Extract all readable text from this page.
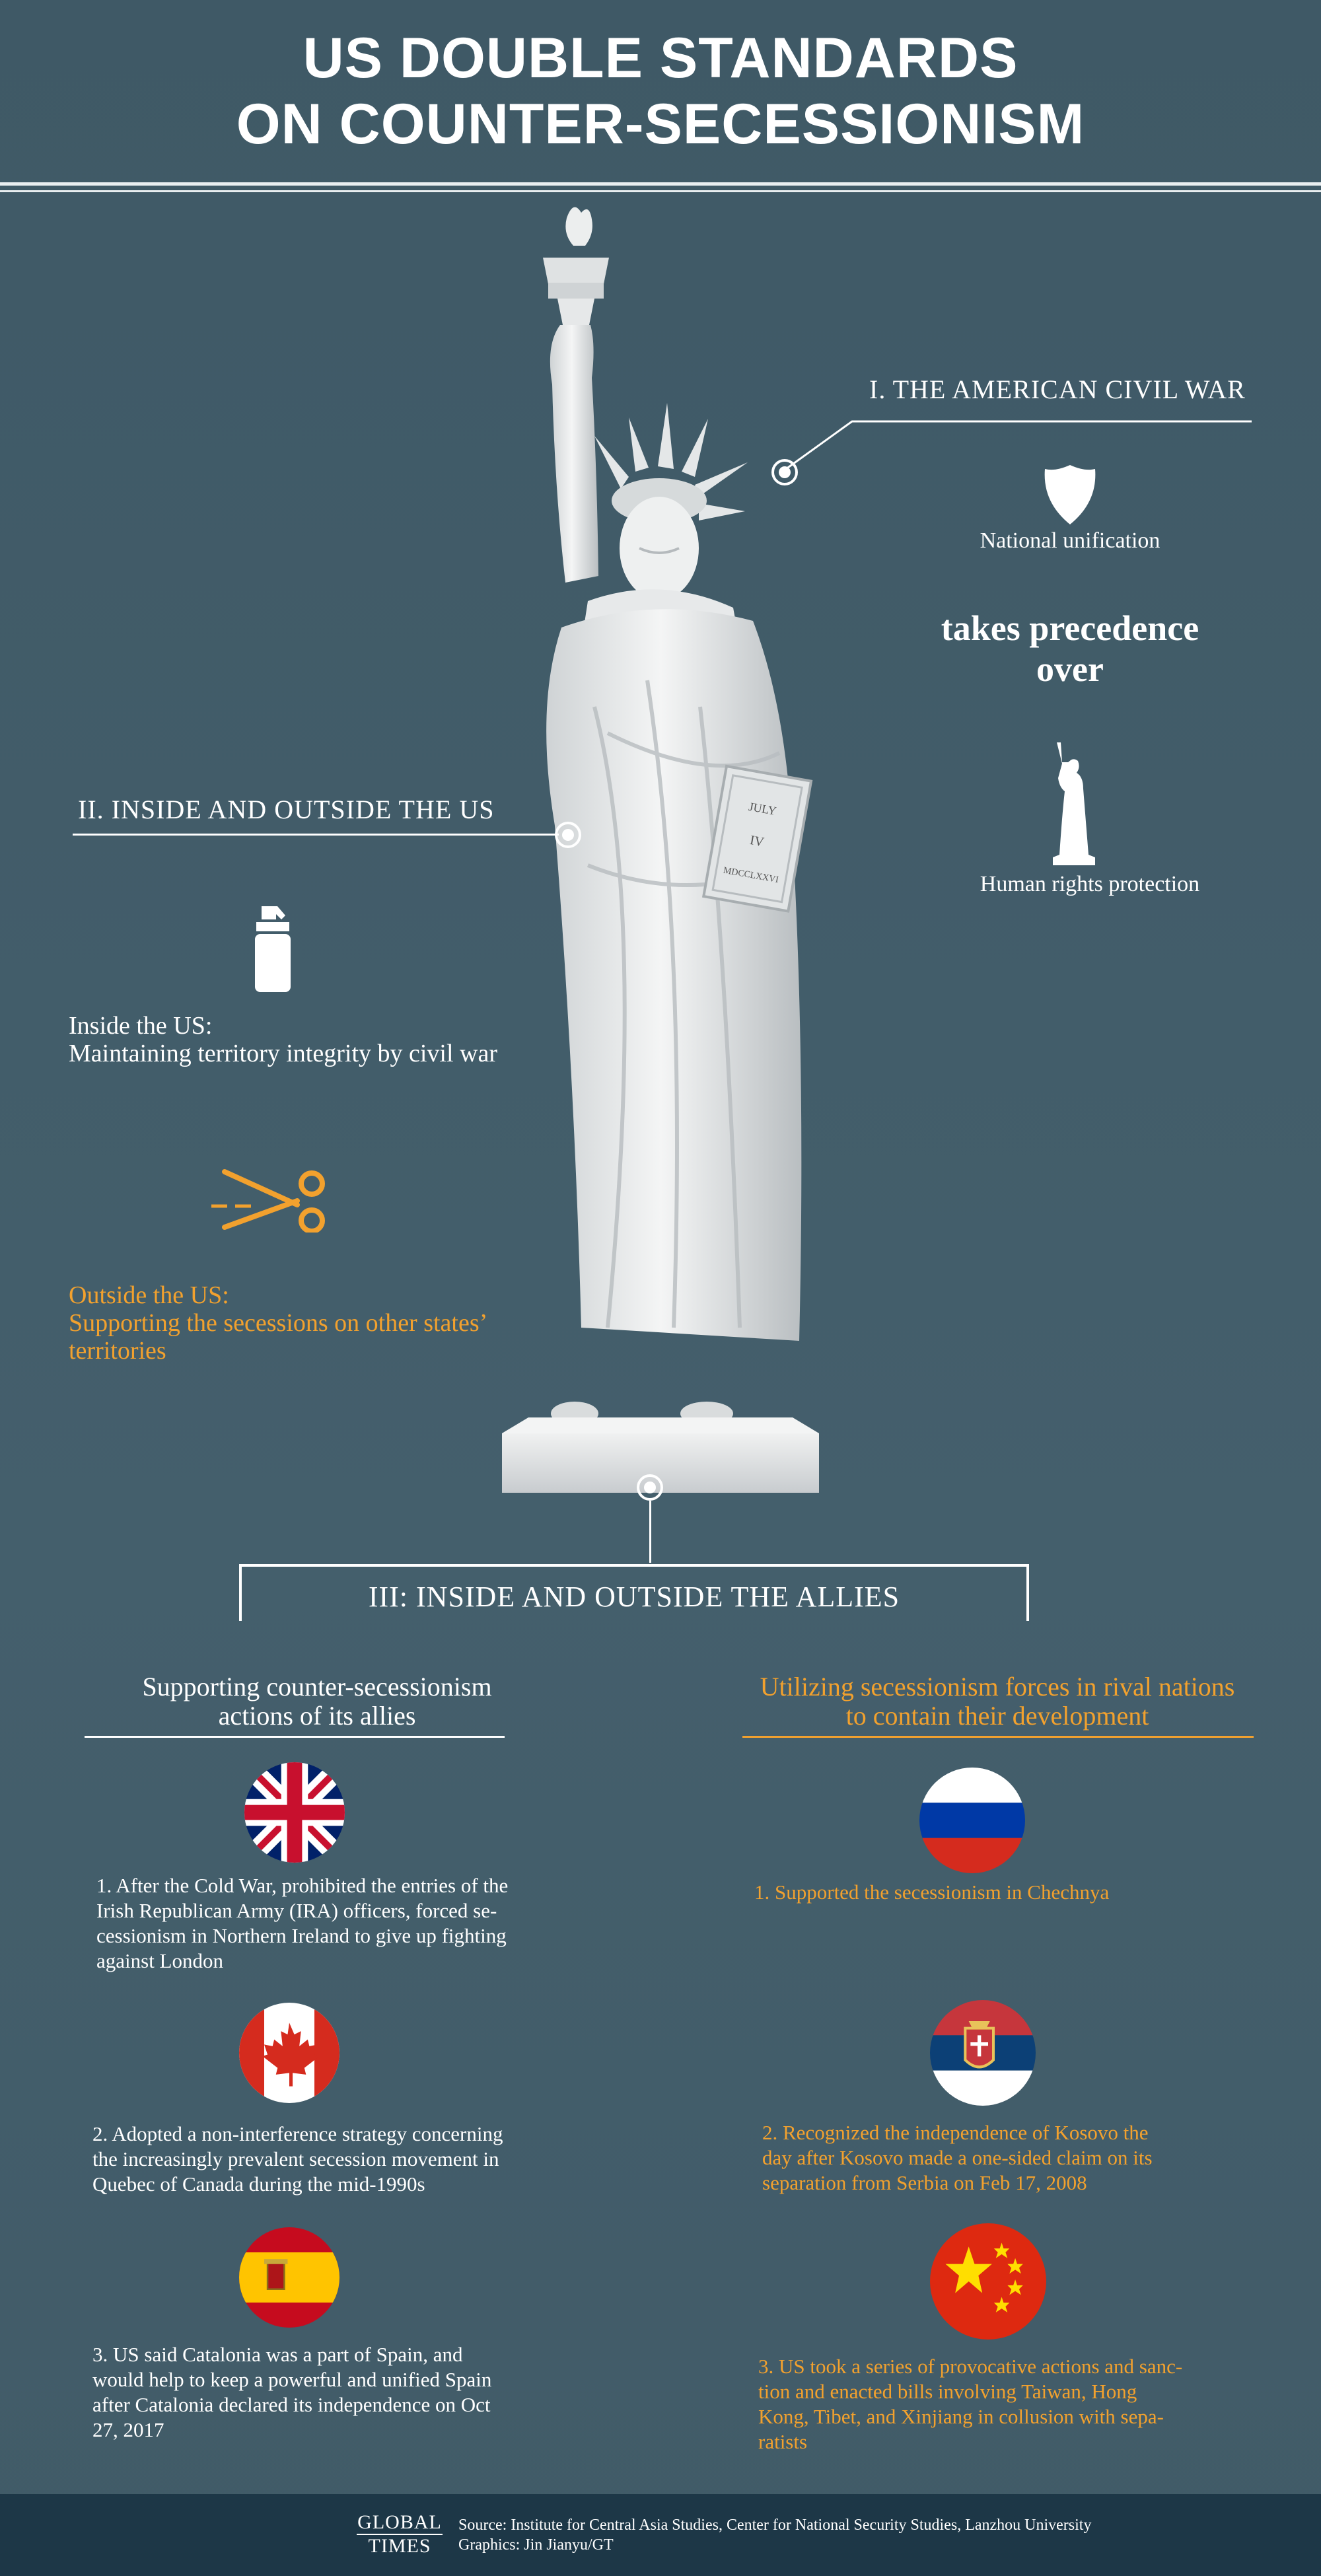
US DOUBLE STANDARDS
ON COUNTER-SECESSIONISM
JULY
IV
MDCCLXXVI
I. THE AMERICAN CIVIL WAR
National unification
takes precedence
over
Human rights protection
II. INSIDE AND OUTSIDE THE US
Inside the US:
Maintaining territory integrity by civil war
Outside the US:
Supporting the secessions on other states’
territories
III: INSIDE AND OUTSIDE THE ALLIES
Supporting counter-secessionism
actions of its allies
Utilizing secessionism forces in rival nations
to contain their development
1. After the Cold War, prohibited the entries of the
Irish Republican Army (IRA) officers, forced se-
cessionism in Northern Ireland to give up fighting
against London
2. Adopted a non-interference strategy concerning
the increasingly prevalent secession movement in
Quebec of Canada during the mid-1990s
3. US said Catalonia was a part of Spain, and
would help to keep a powerful and unified Spain
after Catalonia declared its independence on Oct
27, 2017
1. Supported the secessionism in Chechnya
2. Recognized the independence of Kosovo the
day after Kosovo made a one-sided claim on its
separation from Serbia on Feb 17, 2008
3. US took a series of provocative actions and sanc-
tion and enacted bills involving Taiwan, Hong
Kong, Tibet, and Xinjiang in collusion with sepa-
ratists
GLOBAL
TIMES
Source: Institute for Central Asia Studies, Center for National Security Studies, Lanzhou University
Graphics: Jin Jianyu/GT
